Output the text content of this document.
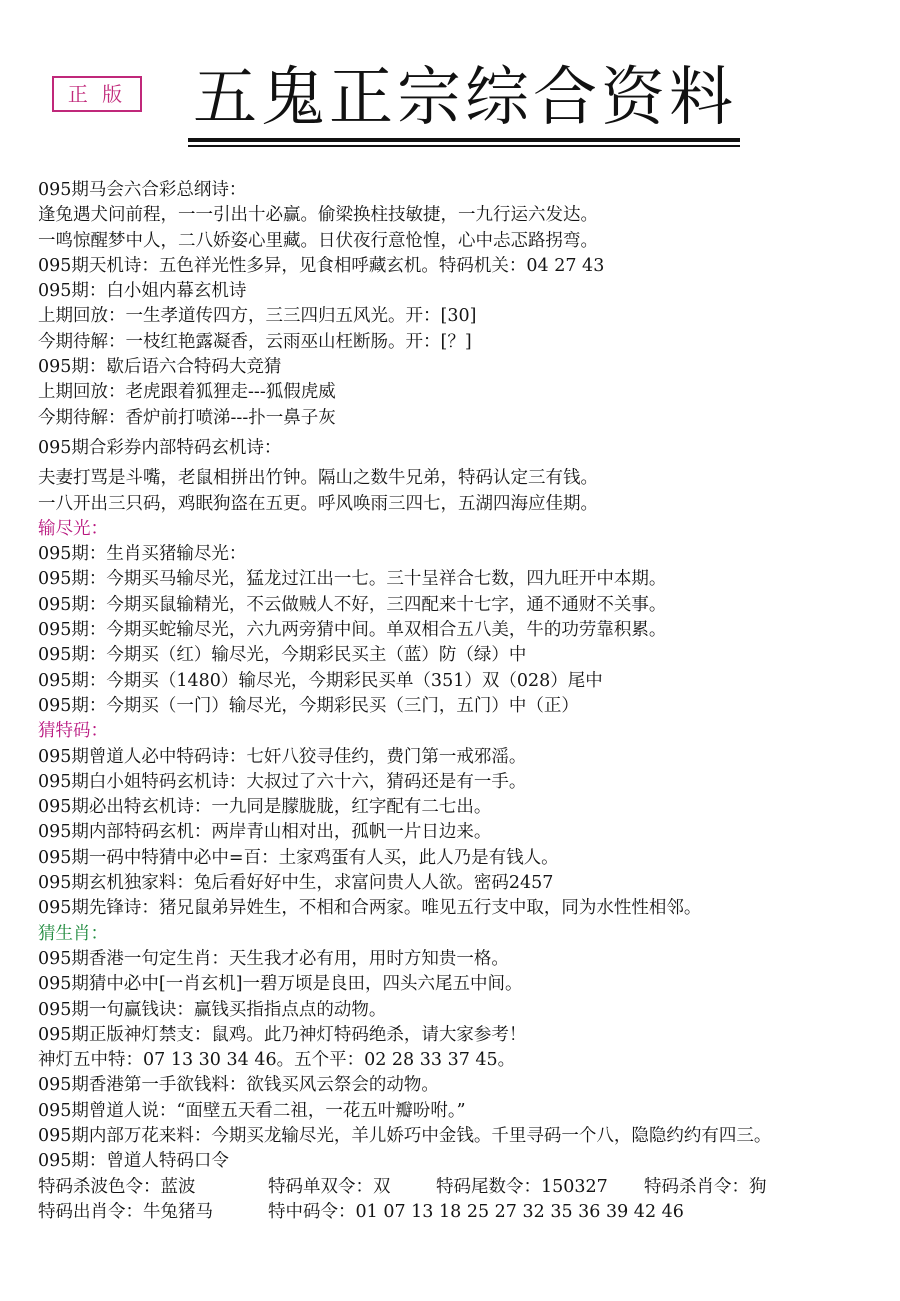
正 版 五鬼正宗综合资料
095期马会六合彩总纲诗：
逢兔遇犬问前程，一一引出十必赢。偷梁换柱技敏捷，一九行运六发达。
一鸣惊醒梦中人，二八娇姿心里藏。日伏夜行意怆惶，心中忐忑路拐弯。
095期天机诗：五色祥光性多异，见食相呼藏玄机。特码机关：04 27 43
095期：白小姐内幕玄机诗
上期回放：一生孝道传四方，三三四归五风光。开：[30]
今期待解：一枝红艳露凝香，云雨巫山枉断肠。开：[？]
095期：歇后语六合特码大竞猜
上期回放：老虎跟着狐狸走---狐假虎威
今期待解：香炉前打喷涕---扑一鼻子灰
095期合彩券内部特码玄机诗：
夫妻打骂是斗嘴，老鼠相拼出竹钟。隔山之数牛兄弟，特码认定三有钱。
一八开出三只码，鸡眠狗盗在五更。呼风唤雨三四七，五湖四海应佳期。
输尽光：
095期：生肖买猪输尽光：
095期：今期买马输尽光，猛龙过江出一七。三十呈祥合七数，四九旺开中本期。
095期：今期买鼠输精光，不云做贼人不好，三四配来十七字，通不通财不关事。
095期：今期买蛇输尽光，六九两旁猜中间。单双相合五八美，牛的功劳靠积累。
095期：今期买（红）输尽光，今期彩民买主（蓝）防（绿）中
095期：今期买（1480）输尽光，今期彩民买单（351）双（028）尾中
095期：今期买（一门）输尽光，今期彩民买（三门，五门）中（正）
猜特码：
095期曾道人必中特码诗：七奸八狡寻佳约，费门第一戒邪滛。
095期白小姐特码玄机诗：大叔过了六十六，猜码还是有一手。
095期必出特玄机诗：一九同是朦胧胧，红字配有二七出。
095期内部特码玄机：两岸青山相对出，孤帆一片日边来。
095期一码中特猜中必中=百：土家鸡蛋有人买，此人乃是有钱人。
095期玄机独家料：兔后看好好中生，求富问贵人人欲。密码2457
095期先锋诗：猪兄鼠弟异姓生，不相和合两家。唯见五行支中取，同为水性性相邻。
猜生肖：
095期香港一句定生肖：天生我才必有用，用时方知贵一格。
095期猜中必中[一肖玄机]一碧万顷是良田，四头六尾五中间。
095期一句赢钱诀：赢钱买指指点点的动物。
095期正版神灯禁支：鼠鸡。此乃神灯特码绝杀，请大家参考！
神灯五中特：07 13 30 34 46。五个平：02 28 33 37 45。
095期香港第一手欲钱料：欲钱买风云祭会的动物。
095期曾道人说：“面壁五天看二祖，一花五叶瓣吩咐。”
095期内部万花来料：今期买龙输尽光，羊儿娇巧中金钱。千里寻码一个八，隐隐约约有四三。
095期：曾道人特码口令
特码杀波色令：蓝波	特码单双令：双	特码尾数令：150327	特码杀肖令：狗
特码出肖令：牛兔猪马	特中码令：01 07 13 18 25 27 32 35 36 39 42 46
